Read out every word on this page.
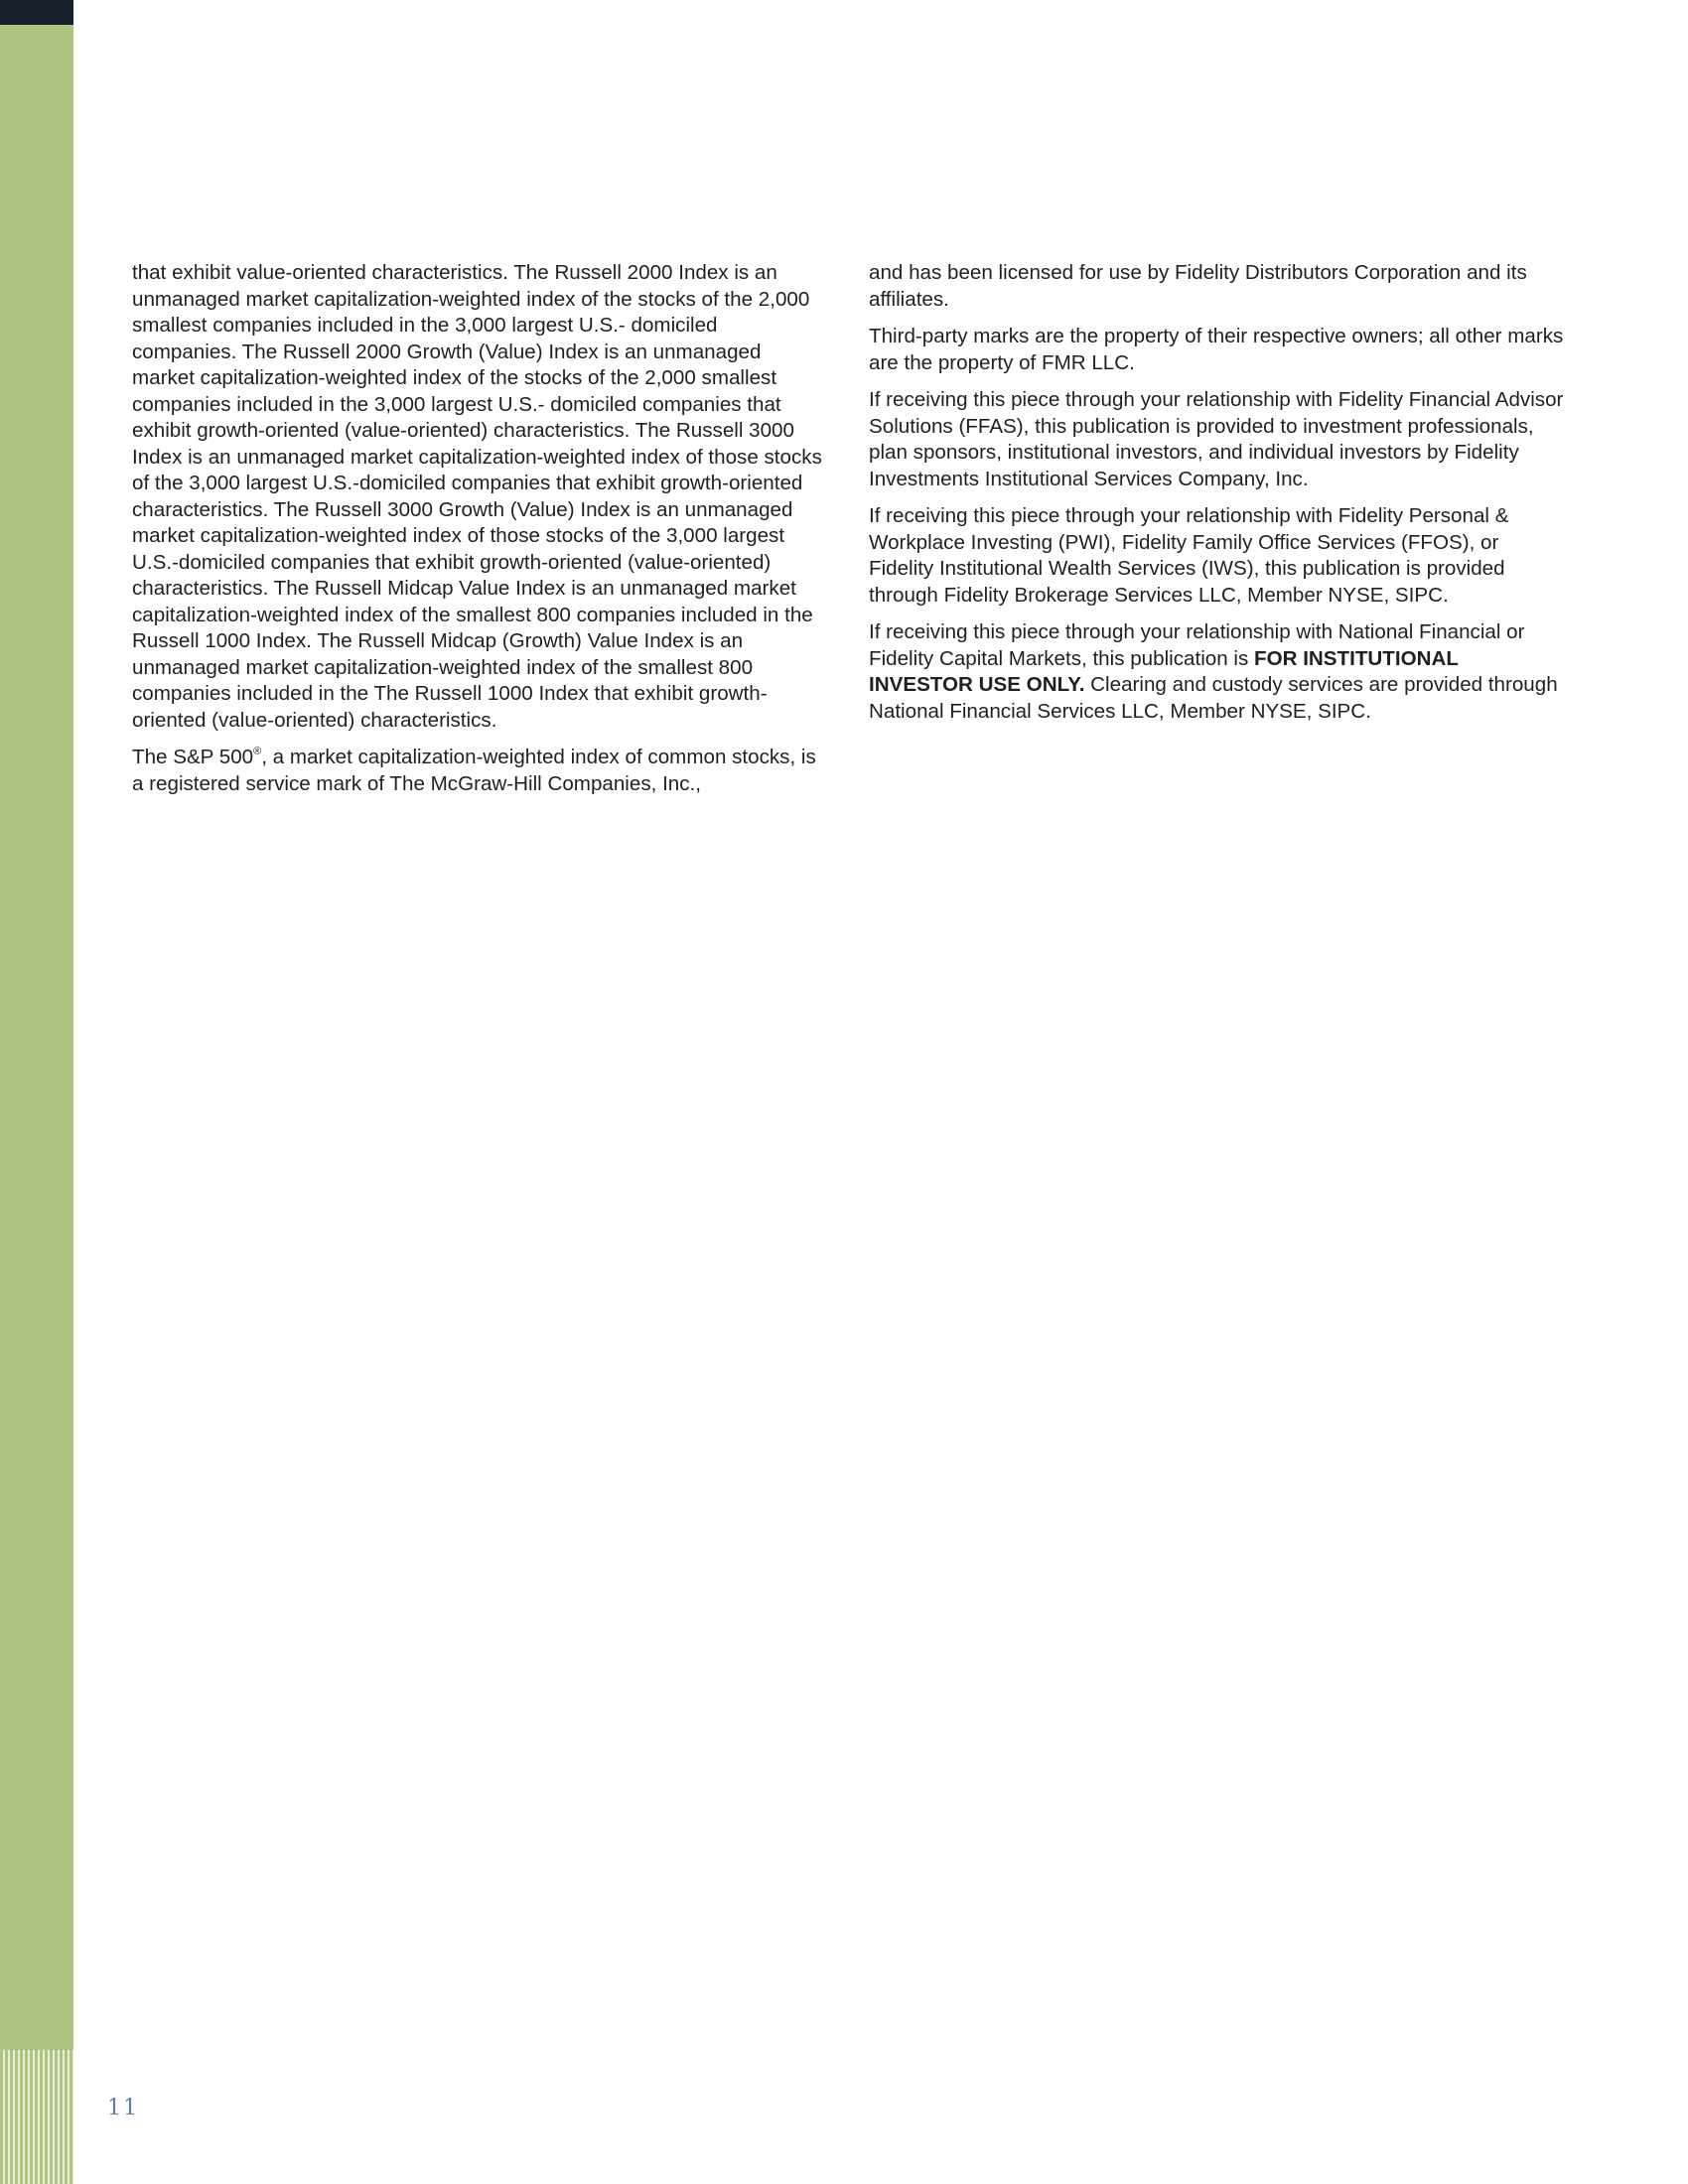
that exhibit value-oriented characteristics. The Russell 2000 Index is an unmanaged market capitalization-weighted index of the stocks of the 2,000 smallest companies included in the 3,000 largest U.S.- domiciled companies. The Russell 2000 Growth (Value) Index is an unmanaged market capitalization-weighted index of the stocks of the 2,000 smallest companies included in the 3,000 largest U.S.- domiciled companies that exhibit growth-oriented (value-oriented) characteristics. The Russell 3000 Index is an unmanaged market capitalization-weighted index of those stocks of the 3,000 largest U.S.-domiciled companies that exhibit growth-oriented characteristics. The Russell 3000 Growth (Value) Index is an unmanaged market capitalization-weighted index of those stocks of the 3,000 largest U.S.-domiciled companies that exhibit growth-oriented (value-oriented) characteristics. The Russell Midcap Value Index is an unmanaged market capitalization-weighted index of the smallest 800 companies included in the Russell 1000 Index. The Russell Midcap (Growth) Value Index is an unmanaged market capitalization-weighted index of the smallest 800 companies included in the The Russell 1000 Index that exhibit growth-oriented (value-oriented) characteristics.

The S&P 500®, a market capitalization-weighted index of common stocks, is a registered service mark of The McGraw-Hill Companies, Inc.,

and has been licensed for use by Fidelity Distributors Corporation and its affiliates.

Third-party marks are the property of their respective owners; all other marks are the property of FMR LLC.

If receiving this piece through your relationship with Fidelity Financial Advisor Solutions (FFAS), this publication is provided to investment professionals, plan sponsors, institutional investors, and individual investors by Fidelity Investments Institutional Services Company, Inc.

If receiving this piece through your relationship with Fidelity Personal & Workplace Investing (PWI), Fidelity Family Office Services (FFOS), or Fidelity Institutional Wealth Services (IWS), this publication is provided through Fidelity Brokerage Services LLC, Member NYSE, SIPC.

If receiving this piece through your relationship with National Financial or Fidelity Capital Markets, this publication is FOR INSTITUTIONAL INVESTOR USE ONLY. Clearing and custody services are provided through National Financial Services LLC, Member NYSE, SIPC.

11
